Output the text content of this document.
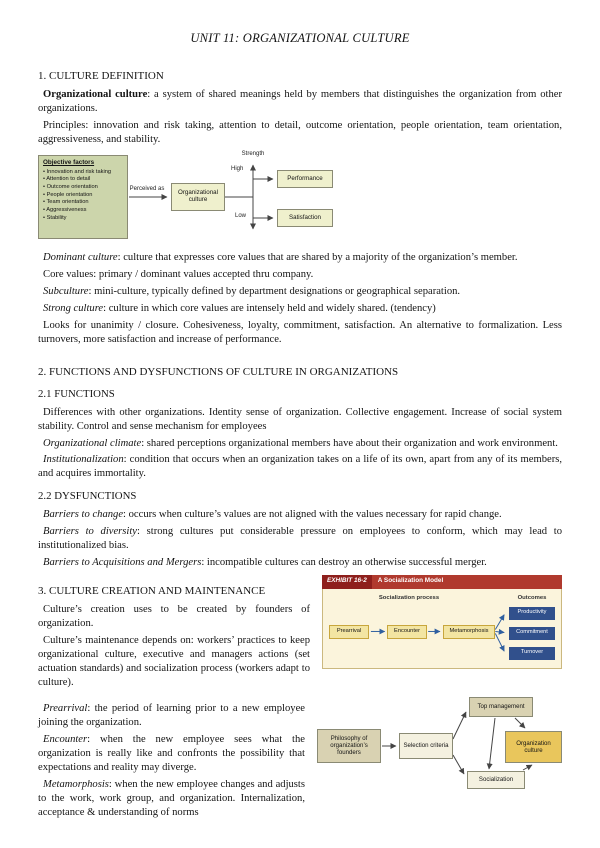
UNIT 11: ORGANIZATIONAL CULTURE
1. CULTURE DEFINITION

Organizational culture: a system of shared meanings held by members that distinguishes the organization from other organizations.

Principles: innovation and risk taking, attention to detail, outcome orientation, people orientation, team orientation, aggressiveness, and stability.

Objective factors
• Innovation and risk taking
• Attention to detail
• Outcome orientation
• People orientation
• Team orientation
• Aggressiveness
• Stability
Perceived as
Organizational culture
Strength
High
Low
Performance
Satisfaction

Dominant culture: culture that expresses core values that are shared by a majority of the organization’s member.

Core values: primary / dominant values accepted thru company.

Subculture: mini-culture, typically defined by department designations or geographical separation.

Strong culture: culture in which core values are intensely held and widely shared. (tendency)

Looks for unanimity / closure. Cohesiveness, loyalty, commitment, satisfaction. An alternative to formalization. Less turnovers, more satisfaction and increase of performance.

2. FUNCTIONS AND DYSFUNCTIONS OF CULTURE IN ORGANIZATIONS
2.1 FUNCTIONS

Differences with other organizations. Identity sense of organization. Collective engagement. Increase of social system stability. Control and sense mechanism for employees

Organizational climate: shared perceptions organizational members have about their organization and work environment.

Institutionalization: condition that occurs when an organization takes on a life of its own, apart from any of its members, and acquires immortality.

2.2 DYSFUNCTIONS

Barriers to change: occurs when culture’s values are not aligned with the values necessary for rapid change.

Barriers to diversity: strong cultures put considerable pressure on employees to conform, which may lead to institutionalized bias.

Barriers to Acquisitions and Mergers: incompatible cultures can destroy an otherwise successful merger.

EXHIBIT 16-2	A Socialization Model
Socialization process	Outcomes
Prearrival	Encounter	Metamorphosis
Productivity
Commitment
Turnover
3. CULTURE CREATION AND MAINTENANCE

Culture’s creation uses to be created by founders of organization.

Culture’s maintenance depends on: workers’ practices to keep organizational culture, executive and managers actions (set actuation standards) and socialization process (workers adapt to culture).

Philosophy of organization’s founders
Selection criteria
Top management
Socialization
Organization culture

Prearrival: the period of learning prior to a new employee joining the organization.

Encounter: when the new employee sees what the organization is really like and confronts the possibility that expectations and reality may diverge.

Metamorphosis: when the new employee changes and adjusts to the work, work group, and organization. Internalization, acceptance & understanding of norms
